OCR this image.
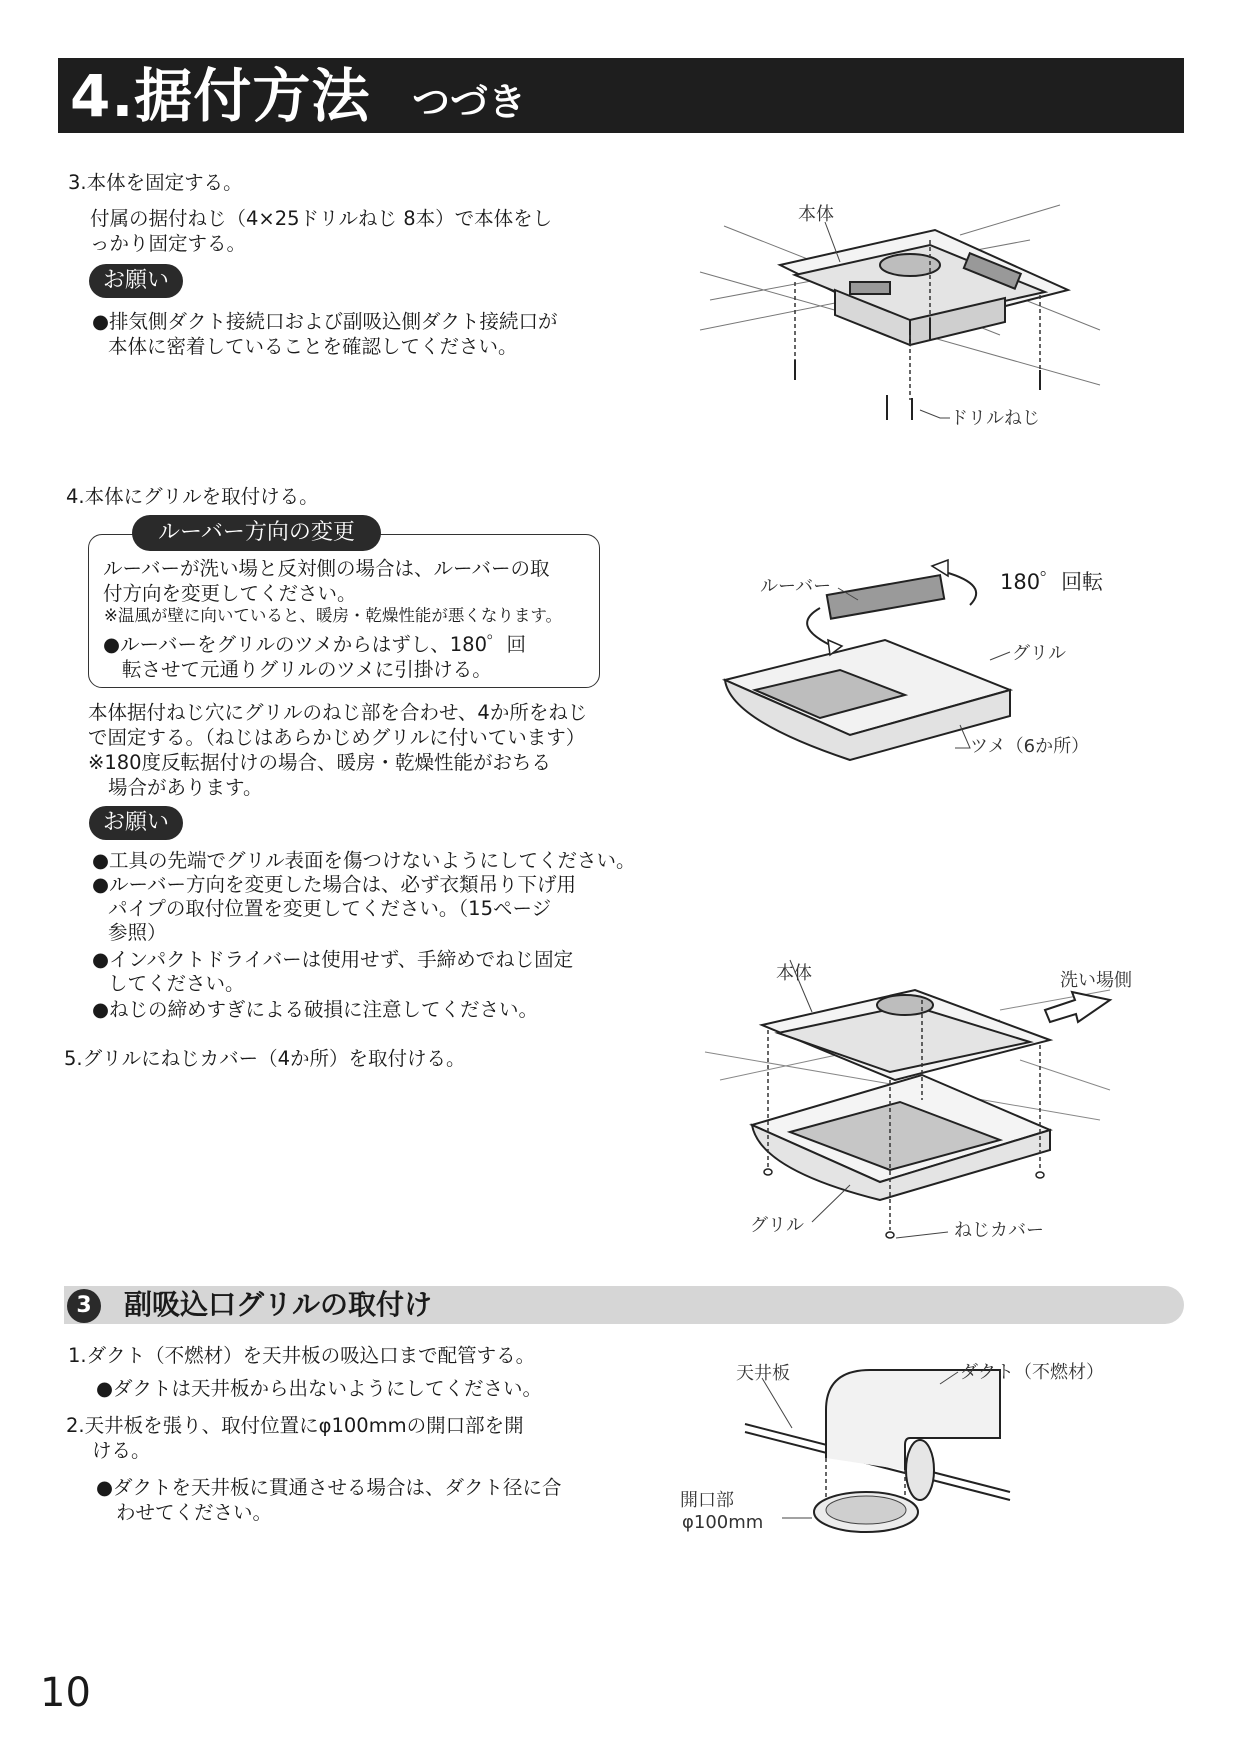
4.据付方法 つづき
3.本体を固定する。
付属の据付ねじ（4×25ドリルねじ 8本）で本体をし
っかり固定する。
お願い
●排気側ダクト接続口および副吸込側ダクト接続口が
本体に密着していることを確認してください。
本体
ドリルねじ
4.本体にグリルを取付ける。
ルーバー方向の変更
ルーバーが洗い場と反対側の場合は、ルーバーの取
付方向を変更してください。
※温風が壁に向いていると、暖房・乾燥性能が悪くなります。
●ルーバーをグリルのツメからはずし、180゜回
転させて元通りグリルのツメに引掛ける。
本体据付ねじ穴にグリルのねじ部を合わせ、4か所をねじ
で固定する。（ねじはあらかじめグリルに付いています）
※180度反転据付けの場合、暖房・乾燥性能がおちる
場合があります。
お願い
●工具の先端でグリル表面を傷つけないようにしてください。
●ルーバー方向を変更した場合は、必ず衣類吊り下げ用
パイプの取付位置を変更してください。（15ページ
参照）
●インパクトドライバーは使用せず、手締めでねじ固定
してください。
●ねじの締めすぎによる破損に注意してください。
ルーバー	180゜回転
グリル
ツメ（6か所）
5.グリルにねじカバー（4か所）を取付ける。
本体	洗い場側
グリル	ねじカバー
3	副吸込口グリルの取付け
1.ダクト（不燃材）を天井板の吸込口まで配管する。
●ダクトは天井板から出ないようにしてください。
2.天井板を張り、取付位置にφ100mmの開口部を開
ける。
●ダクトを天井板に貫通させる場合は、ダクト径に合
わせてください。
天井板	ダクト（不燃材）
開口部
φ100mm
10
